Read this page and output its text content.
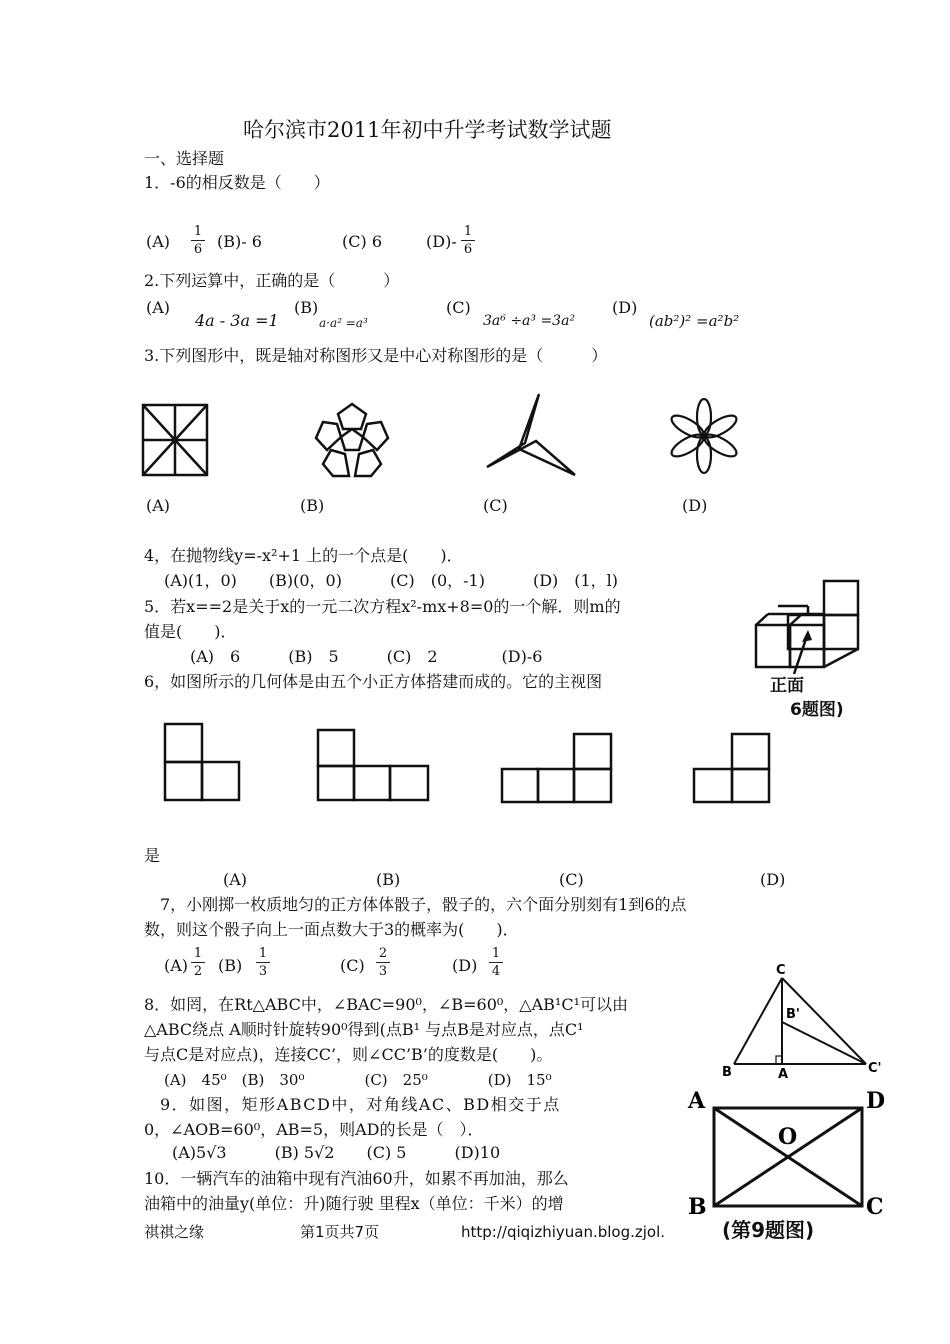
哈尔滨市2011年初中升学考试数学试题
一、选择题
1．-6的相反数是（　　）
(A)
1
6 (B)- 6	(C) 6	(D)-
1
6
2.下列运算中，正确的是（　　　）
(A)
4a - 3a =1
(B)
a·a² =a³
(C)
3a⁶ ÷a³ =3a²
(D)
(ab²)² =a²b²
3.下列图形中，既是轴对称图形又是中心对称图形的是（　　　）
(A)	(B)	(C)	(D)
4，在抛物线y=-x²+1 上的一个点是(　　)．
(A)(1，0)　　(B)(0，0)　　　(C)　(0，-1)　　　(D)　(1，l)
5．若x==2是关于x的一元二次方程x²-mx+8=0的一个解．则m的
值是(　　)．
(A)　6　　　(B)　5　　　(C)　2　　　　(D)-6
6，如图所示的几何体是由五个小正方体搭建而成的。它的主视图	正面
6题图)
是
(A)	(B)	(C)	(D)
7，小刚掷一枚质地匀的正方体体骰子，骰子的，六个面分别刻有1到6的点
数，则这个骰子向上一面点数大于3的概率为(　　)．
(A)
1
2 (B)
1
3	(C)
2
3	(D)
1
4	C
B'
B	A	C'
8．如罔，在Rt△ABC中，∠BAC=90⁰，∠B=60⁰，△AB¹C¹可以由
△ABC绕点 A顺时针旋转90⁰得到(点B¹ 与点B是对应点，点C¹
与点C是对应点)，连接CC’，则∠CC’B’的度数是(　　)。
(A)　45⁰　(B)　30⁰　　　　(C)　25⁰　　　　(D)　15⁰
A	D
O
B	C
(第9题图)
9．如图，矩形ABCD中，对角线AC、BD相交于点
0，∠AOB=60⁰，AB=5，则AD的长是（　）．
(A)5√3　　　(B) 5√2　　(C) 5　　　(D)10
10．一辆汽车的油箱中现有汽油60升，如累不再加油，那么
油箱中的油量y(单位：升)随行驶 里程x（单位：千米）的增
祺祺之缘	第1页共7页	http://qiqizhiyuan.blog.zjol.
